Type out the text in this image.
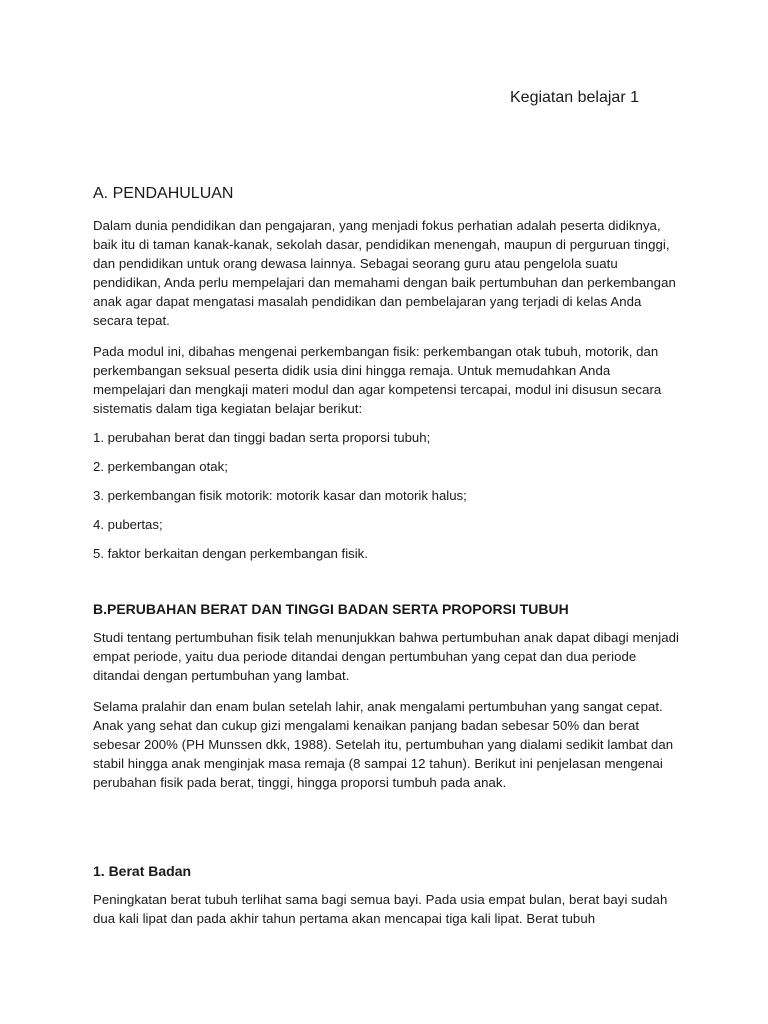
Kegiatan belajar 1
A. PENDAHULUAN

Dalam dunia pendidikan dan pengajaran, yang menjadi fokus perhatian adalah peserta didiknya, baik itu di taman kanak-kanak, sekolah dasar, pendidikan menengah, maupun di perguruan tinggi, dan pendidikan untuk orang dewasa lainnya. Sebagai seorang guru atau pengelola suatu pendidikan, Anda perlu mempelajari dan memahami dengan baik pertumbuhan dan perkembangan anak agar dapat mengatasi masalah pendidikan dan pembelajaran yang terjadi di kelas Anda secara tepat.

Pada modul ini, dibahas mengenai perkembangan fisik: perkembangan otak tubuh, motorik, dan perkembangan seksual peserta didik usia dini hingga remaja. Untuk memudahkan Anda mempelajari dan mengkaji materi modul dan agar kompetensi tercapai, modul ini disusun secara sistematis dalam tiga kegiatan belajar berikut:

1. perubahan berat dan tinggi badan serta proporsi tubuh;

2. perkembangan otak;

3. perkembangan fisik motorik: motorik kasar dan motorik halus;

4. pubertas;

5. faktor berkaitan dengan perkembangan fisik.

B.PERUBAHAN BERAT DAN TINGGI BADAN SERTA PROPORSI TUBUH

Studi tentang pertumbuhan fisik telah menunjukkan bahwa pertumbuhan anak dapat dibagi menjadi empat periode, yaitu dua periode ditandai dengan pertumbuhan yang cepat dan dua periode ditandai dengan pertumbuhan yang lambat.

Selama pralahir dan enam bulan setelah lahir, anak mengalami pertumbuhan yang sangat cepat. Anak yang sehat dan cukup gizi mengalami kenaikan panjang badan sebesar 50% dan berat sebesar 200% (PH Munssen dkk, 1988). Setelah itu, pertumbuhan yang dialami sedikit lambat dan stabil hingga anak menginjak masa remaja (8 sampai 12 tahun). Berikut ini penjelasan mengenai perubahan fisik pada berat, tinggi, hingga proporsi tumbuh pada anak.

1. Berat Badan

Peningkatan berat tubuh terlihat sama bagi semua bayi. Pada usia empat bulan, berat bayi sudah dua kali lipat dan pada akhir tahun pertama akan mencapai tiga kali lipat. Berat tubuh
